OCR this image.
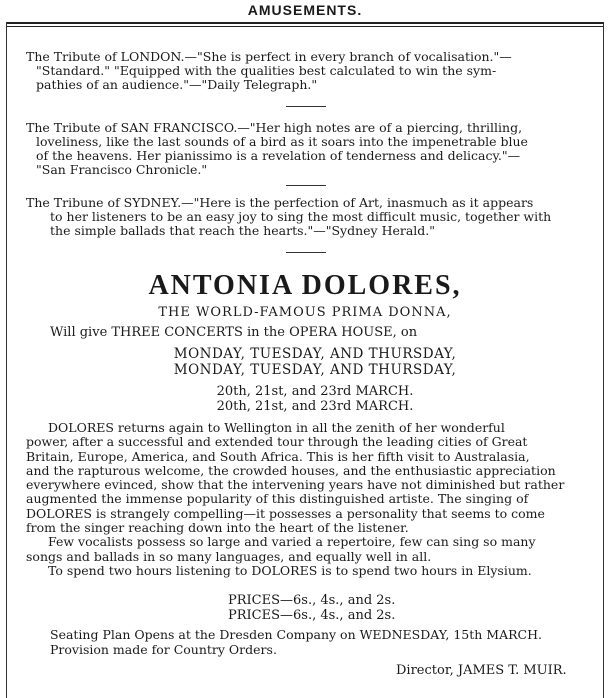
AMUSEMENTS.
The Tribute of LONDON.—"She is perfect in every branch of vocalisation."—
"Standard." "Equipped with the qualities best calculated to win the sym-
pathies of an audience."—"Daily Telegraph."
The Tribute of SAN FRANCISCO.—"Her high notes are of a piercing, thrilling,
loveliness, like the last sounds of a bird as it soars into the impenetrable blue
of the heavens. Her pianissimo is a revelation of tenderness and delicacy."—
"San Francisco Chronicle."
The Tribune of SYDNEY.—"Here is the perfection of Art, inasmuch as it appears
to her listeners to be an easy joy to sing the most difficult music, together with
the simple ballads that reach the hearts."—"Sydney Herald."
ANTONIA DOLORES,
THE WORLD-FAMOUS PRIMA DONNA,
Will give THREE CONCERTS in the OPERA HOUSE, on
MONDAY, TUESDAY, AND THURSDAY,
MONDAY, TUESDAY, AND THURSDAY,
20th, 21st, and 23rd MARCH.
20th, 21st, and 23rd MARCH.
DOLORES returns again to Wellington in all the zenith of her wonderful
power, after a successful and extended tour through the leading cities of Great
Britain, Europe, America, and South Africa. This is her fifth visit to Australasia,
and the rapturous welcome, the crowded houses, and the enthusiastic appreciation
everywhere evinced, show that the intervening years have not diminished but rather
augmented the immense popularity of this distinguished artiste. The singing of
DOLORES is strangely compelling—it possesses a personality that seems to come
from the singer reaching down into the heart of the listener.
Few vocalists possess so large and varied a repertoire, few can sing so many
songs and ballads in so many languages, and equally well in all.
To spend two hours listening to DOLORES is to spend two hours in Elysium.
PRICES—6s., 4s., and 2s.
PRICES—6s., 4s., and 2s.
Seating Plan Opens at the Dresden Company on WEDNESDAY, 15th MARCH.
Provision made for Country Orders.
Director, JAMES T. MUIR.
